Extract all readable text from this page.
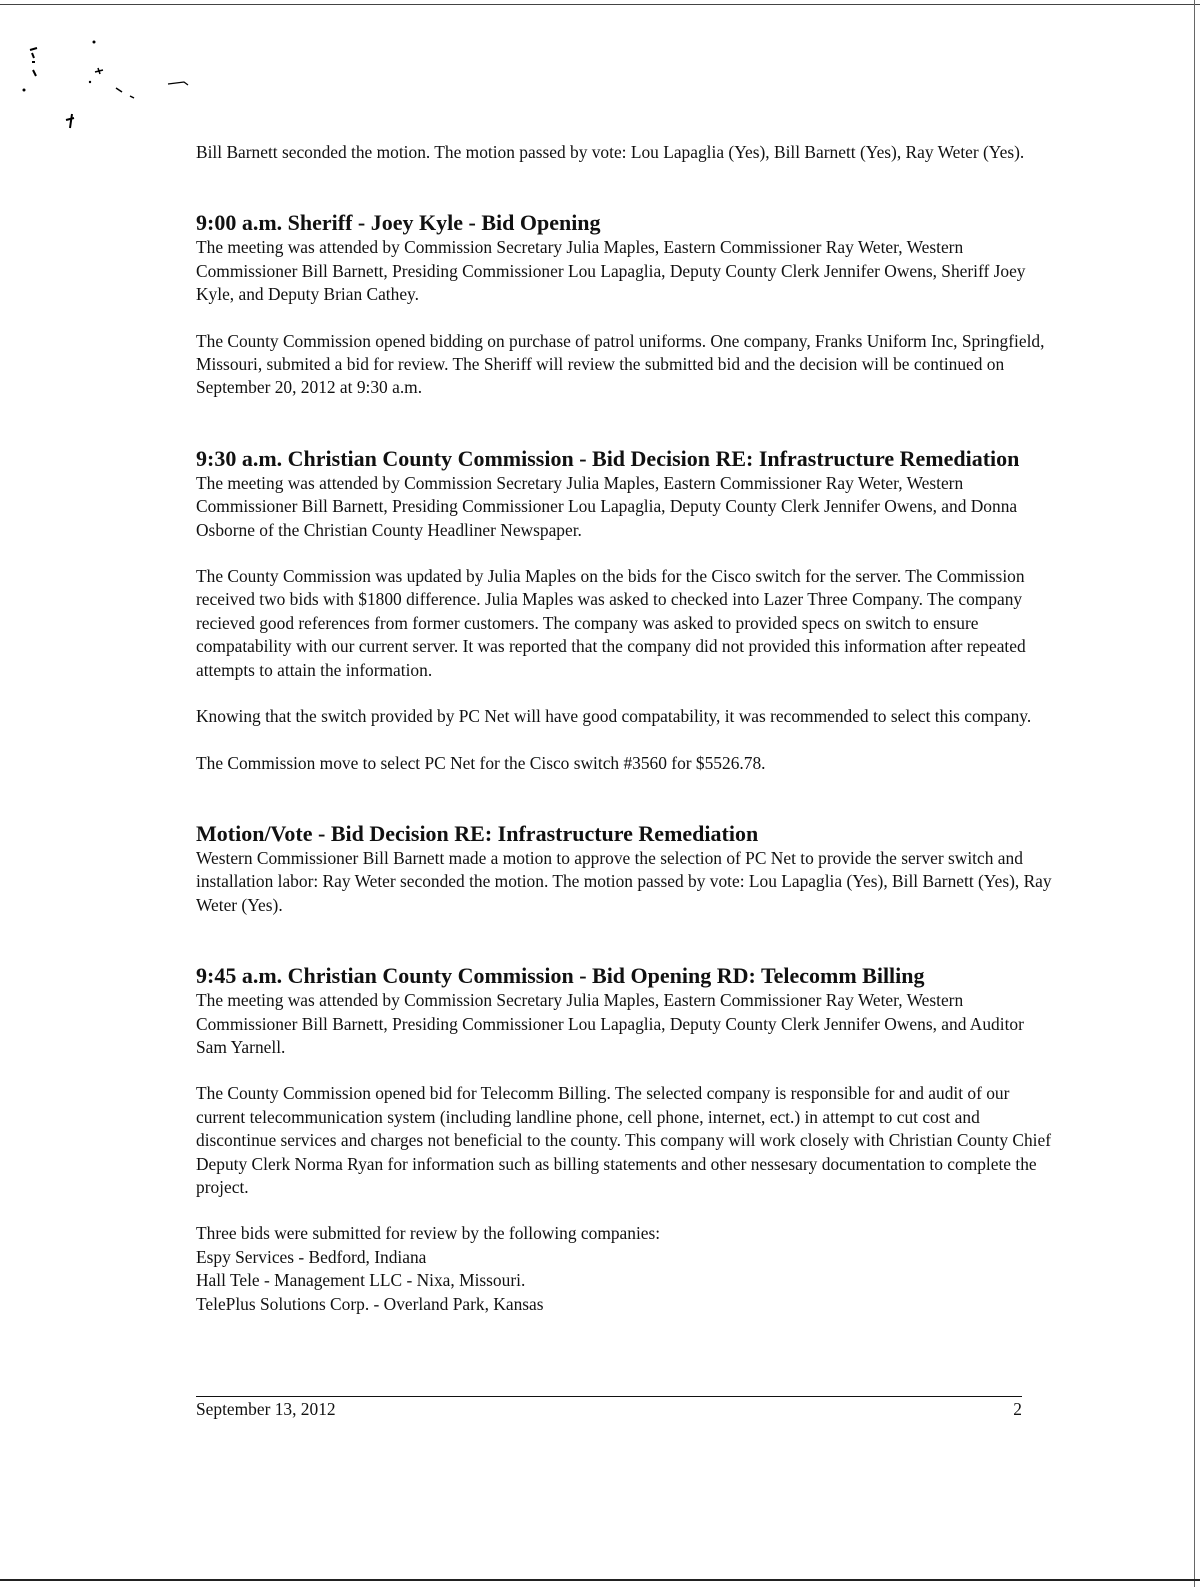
Bill Barnett seconded the motion. The motion passed by vote: Lou Lapaglia (Yes), Bill Barnett (Yes), Ray Weter (Yes).

9:00 a.m. Sheriff - Joey Kyle - Bid Opening

The meeting was attended by Commission Secretary Julia Maples, Eastern Commissioner Ray Weter, Western Commissioner Bill Barnett, Presiding Commissioner Lou Lapaglia, Deputy County Clerk Jennifer Owens, Sheriff Joey Kyle, and Deputy Brian Cathey.

The County Commission opened bidding on purchase of patrol uniforms. One company, Franks Uniform Inc, Springfield, Missouri, submited a bid for review. The Sheriff will review the submitted bid and the decision will be continued on September 20, 2012 at 9:30 a.m.

9:30 a.m. Christian County Commission - Bid Decision RE: Infrastructure Remediation

The meeting was attended by Commission Secretary Julia Maples, Eastern Commissioner Ray Weter, Western Commissioner Bill Barnett, Presiding Commissioner Lou Lapaglia, Deputy County Clerk Jennifer Owens, and Donna Osborne of the Christian County Headliner Newspaper.

The County Commission was updated by Julia Maples on the bids for the Cisco switch for the server. The Commission received two bids with $1800 difference. Julia Maples was asked to checked into Lazer Three Company. The company recieved good references from former customers. The company was asked to provided specs on switch to ensure compatability with our current server. It was reported that the company did not provided this information after repeated attempts to attain the information.

Knowing that the switch provided by PC Net will have good compatability, it was recommended to select this company.

The Commission move to select PC Net for the Cisco switch #3560 for $5526.78.

Motion/Vote - Bid Decision RE: Infrastructure Remediation

Western Commissioner Bill Barnett made a motion to approve the selection of PC Net to provide the server switch and installation labor: Ray Weter seconded the motion. The motion passed by vote: Lou Lapaglia (Yes), Bill Barnett (Yes), Ray Weter (Yes).

9:45 a.m. Christian County Commission - Bid Opening RD: Telecomm Billing

The meeting was attended by Commission Secretary Julia Maples, Eastern Commissioner Ray Weter, Western Commissioner Bill Barnett, Presiding Commissioner Lou Lapaglia, Deputy County Clerk Jennifer Owens, and Auditor Sam Yarnell.

The County Commission opened bid for Telecomm Billing. The selected company is responsible for and audit of our current telecommunication system (including landline phone, cell phone, internet, ect.) in attempt to cut cost and discontinue services and charges not beneficial to the county. This company will work closely with Christian County Chief Deputy Clerk Norma Ryan for information such as billing statements and other nessesary documentation to complete the project.

Three bids were submitted for review by the following companies:

Espy Services - Bedford, Indiana
Hall Tele - Management LLC - Nixa, Missouri.
TelePlus Solutions Corp. - Overland Park, Kansas
September 13, 2012	2
